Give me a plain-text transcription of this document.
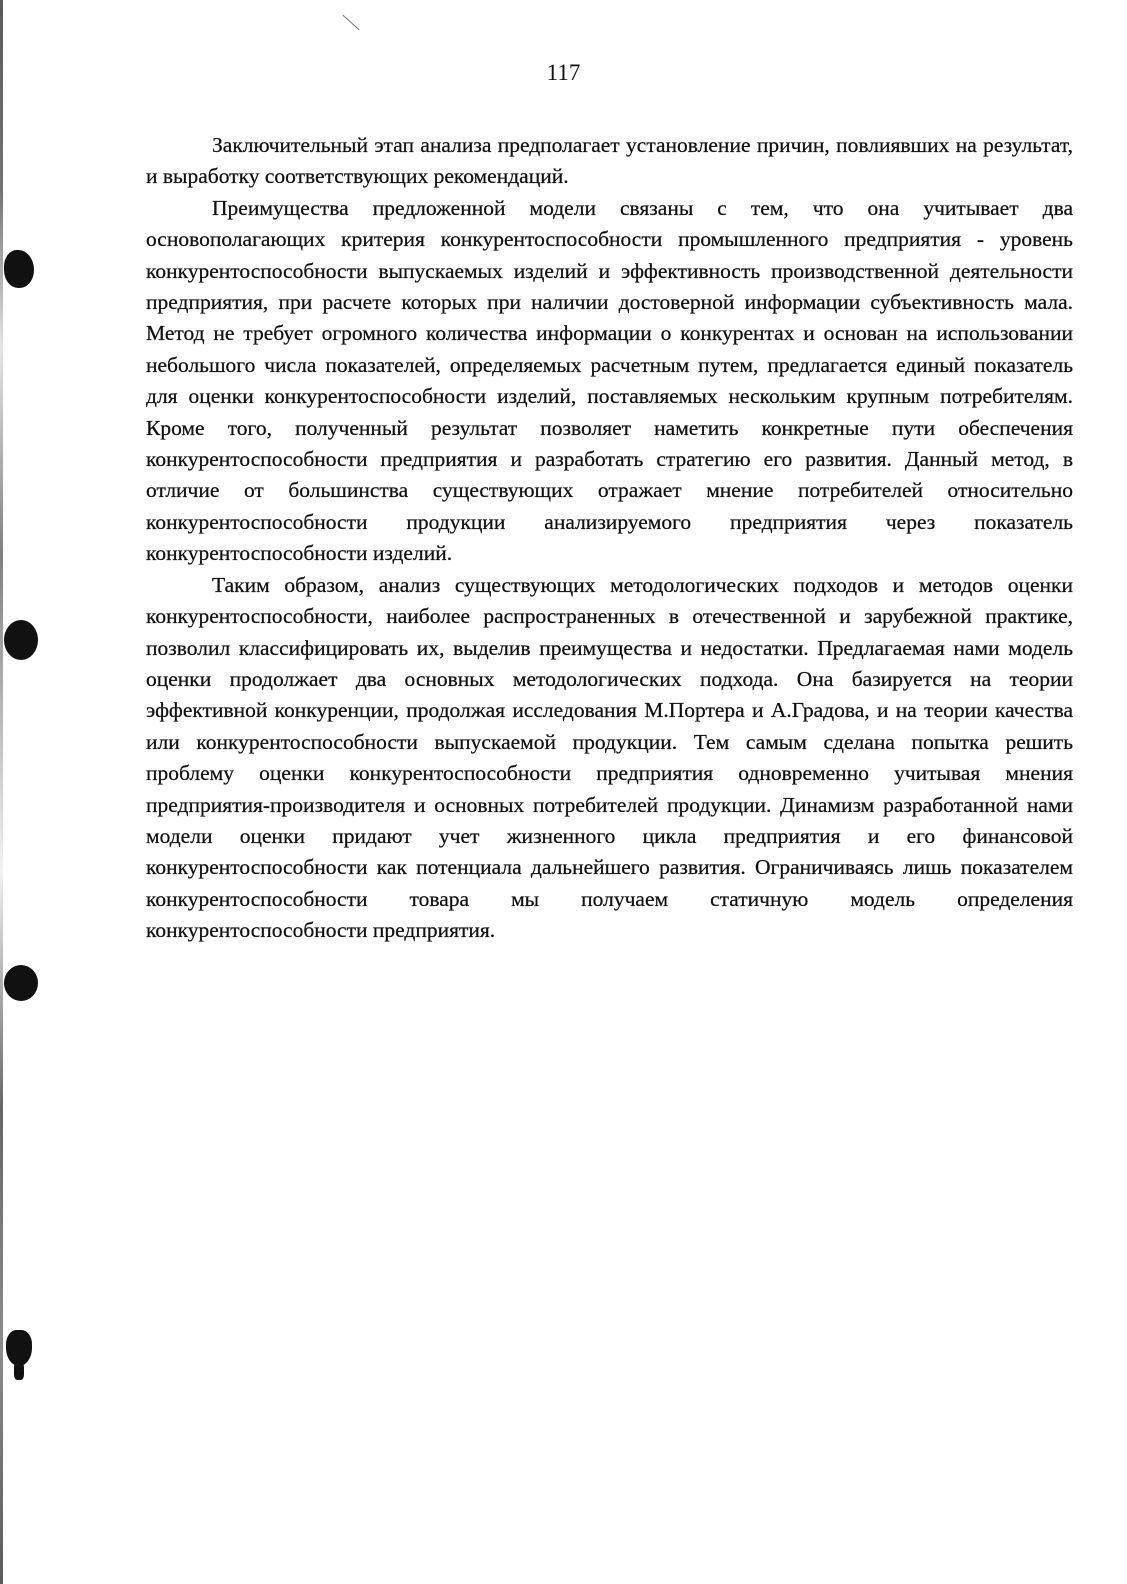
117

Заключительный этап анализа предполагает установление причин, повлиявших на результат, и выработку соответствующих рекомендаций.

Преимущества предложенной модели связаны с тем, что она учитывает два основополагающих критерия конкурентоспособности промышленного предприятия - уровень конкурентоспособности выпускаемых изделий и эффективность производственной деятельности предприятия, при расчете которых при наличии достоверной информации субъективность мала. Метод не требует огромного количества информации о конкурентах и основан на использовании небольшого числа показателей, определяемых расчетным путем, предлагается единый показатель для оценки конкурентоспособности изделий, поставляемых нескольким крупным потребителям. Кроме того, полученный результат позволяет наметить конкретные пути обеспечения конкурентоспособности предприятия и разработать стратегию его развития. Данный метод, в отличие от большинства существующих отражает мнение потребителей относительно конкурентоспособности продукции анализируемого предприятия через показатель конкурентоспособности изделий.

Таким образом, анализ существующих методологических подходов и методов оценки конкурентоспособности, наиболее распространенных в отечественной и зарубежной практике, позволил классифицировать их, выделив преимущества и недостатки. Предлагаемая нами модель оценки продолжает два основных методологических подхода. Она базируется на теории эффективной конкуренции, продолжая исследования М.Портера и А.Градова, и на теории качества или конкурентоспособности выпускаемой продукции. Тем самым сделана попытка решить проблему оценки конкурентоспособности предприятия одновременно учитывая мнения предприятия-производителя и основных потребителей продукции. Динамизм разработанной нами модели оценки придают учет жизненного цикла предприятия и его финансовой конкурентоспособности как потенциала дальнейшего развития. Ограничиваясь лишь показателем конкурентоспособности товара мы получаем статичную модель определения конкурентоспособности предприятия.
